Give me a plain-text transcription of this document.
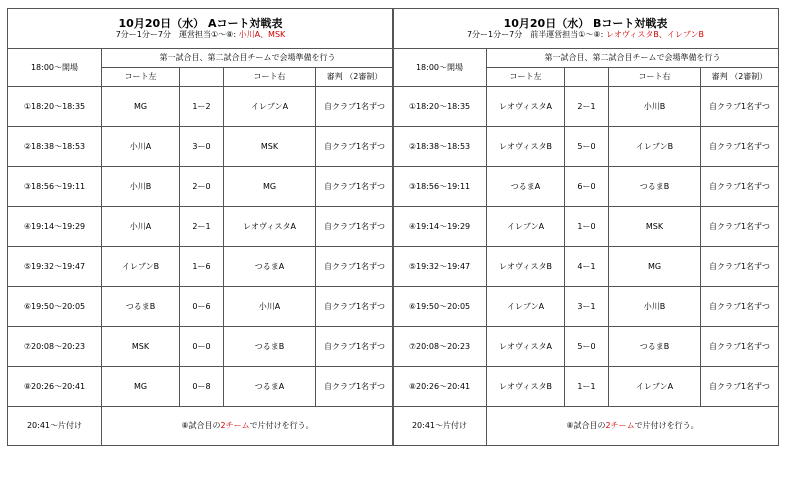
10月20日（水） Aコート対戦表
7分ー1分ー7分　運営担当①～⑧: 小川A、MSK				

18:00～開場	第一試合目、第二試合目チームで会場準備を行う			
	コート左		コート右	審判 （2審制）
①18:20～18:35	MG	1ー2	イレブンA	自クラブ1名ずつ
②18:38～18:53	小川A	3ー0	MSK	自クラブ1名ずつ
③18:56～19:11	小川B	2ー0	MG	自クラブ1名ずつ
④19:14～19:29	小川A	2ー1	レオヴィスタA	自クラブ1名ずつ
⑤19:32～19:47	イレブンB	1ー6	つるまA	自クラブ1名ずつ
⑥19:50～20:05	つるまB	0ー6	小川A	自クラブ1名ずつ
⑦20:08～20:23	MSK	0ー0	つるまB	自クラブ1名ずつ
⑧20:26～20:41	MG	0ー8	つるまA	自クラブ1名ずつ
20:41～片付け	⑧試合目の2チームで片付けを行う。			
10月20日（水） Bコート対戦表
7分ー1分ー7分　前半運営担当①～⑧: レオヴィスタB、イレブンB				

18:00～開場	第一試合目、第二試合目チームで会場準備を行う			
	コート左		コート右	審判 （2審制）
①18:20～18:35	レオヴィスタA	2ー1	小川B	自クラブ1名ずつ
②18:38～18:53	レオヴィスタB	5ー0	イレブンB	自クラブ1名ずつ
③18:56～19:11	つるまA	6ー0	つるまB	自クラブ1名ずつ
④19:14～19:29	イレブンA	1ー0	MSK	自クラブ1名ずつ
⑤19:32～19:47	レオヴィスタB	4ー1	MG	自クラブ1名ずつ
⑥19:50～20:05	イレブンA	3ー1	小川B	自クラブ1名ずつ
⑦20:08～20:23	レオヴィスタA	5ー0	つるまB	自クラブ1名ずつ
⑧20:26～20:41	レオヴィスタB	1ー1	イレブンA	自クラブ1名ずつ
20:41～片付け	⑧試合目の2チームで片付けを行う。			
